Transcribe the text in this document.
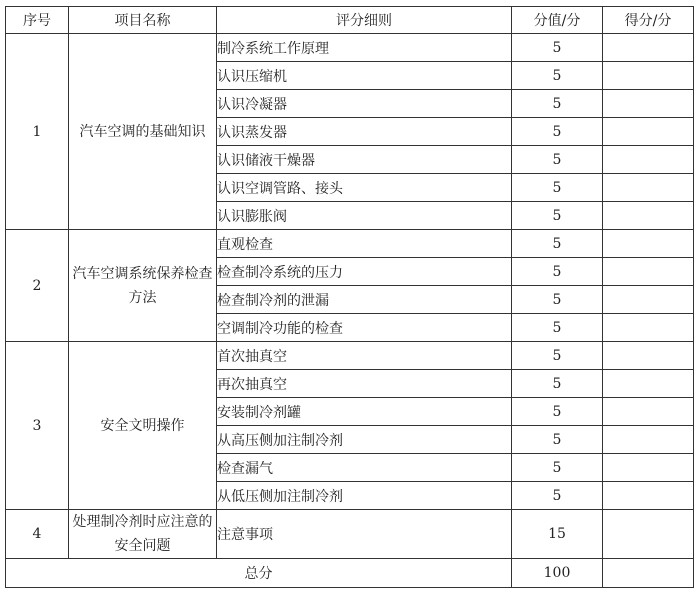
序号	项目名称	评分细则	分值/分	得分/分
1	汽车空调的基础知识	制冷系统工作原理	5	
		认识压缩机	5	
		认识冷凝器	5	
		认识蒸发器	5	
		认识储液干燥器	5	
		认识空调管路、接头	5	
		认识膨胀阀	5	
2	汽车空调系统保养检查方法	直观检查	5	
		检查制冷系统的压力	5	
		检查制冷剂的泄漏	5	
		空调制冷功能的检查	5	
3	安全文明操作	首次抽真空	5	
		再次抽真空	5	
		安装制冷剂罐	5	
		从高压侧加注制冷剂	5	
		检查漏气	5	
		从低压侧加注制冷剂	5	
4	处理制冷剂时应注意的安全问题	注意事项	15	
总分			100	
